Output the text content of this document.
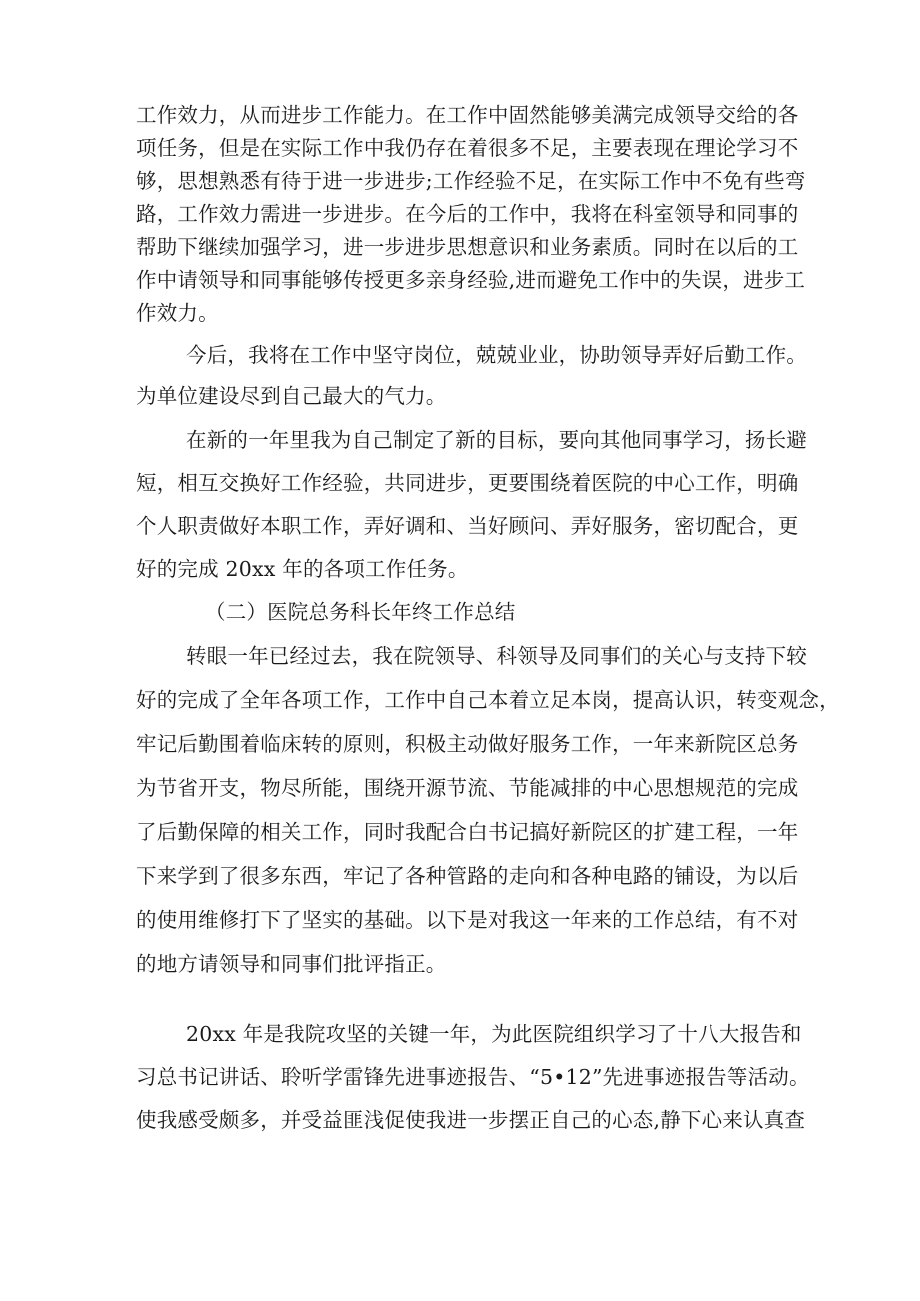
工作效力，从而进步工作能力。在工作中固然能够美满完成领导交给的各
项任务，但是在实际工作中我仍存在着很多不足，主要表现在理论学习不
够，思想熟悉有待于进一步进步;工作经验不足，在实际工作中不免有些弯
路，工作效力需进一步进步。在今后的工作中，我将在科室领导和同事的
帮助下继续加强学习，进一步进步思想意识和业务素质。同时在以后的工
作中请领导和同事能够传授更多亲身经验,进而避免工作中的失误，进步工
作效力。
今后，我将在工作中坚守岗位，兢兢业业，协助领导弄好后勤工作。
为单位建设尽到自己最大的气力。
在新的一年里我为自己制定了新的目标，要向其他同事学习，扬长避
短，相互交换好工作经验，共同进步，更要围绕着医院的中心工作，明确
个人职责做好本职工作，弄好调和、当好顾问、弄好服务，密切配合，更
好的完成 20xx 年的各项工作任务。
（二）医院总务科长年终工作总结
转眼一年已经过去，我在院领导、科领导及同事们的关心与支持下较
好的完成了全年各项工作，工作中自己本着立足本岗，提高认识，转变观念，
牢记后勤围着临床转的原则，积极主动做好服务工作，一年来新院区总务
为节省开支，物尽所能，围绕开源节流、节能减排的中心思想规范的完成
了后勤保障的相关工作，同时我配合白书记搞好新院区的扩建工程，一年
下来学到了很多东西，牢记了各种管路的走向和各种电路的铺设，为以后
的使用维修打下了坚实的基础。以下是对我这一年来的工作总结，有不对
的地方请领导和同事们批评指正。
20xx 年是我院攻坚的关键一年，为此医院组织学习了十八大报告和
习总书记讲话、聆听学雷锋先进事迹报告、“5•12”先进事迹报告等活动。
使我感受颇多，并受益匪浅促使我进一步摆正自己的心态,静下心来认真查
